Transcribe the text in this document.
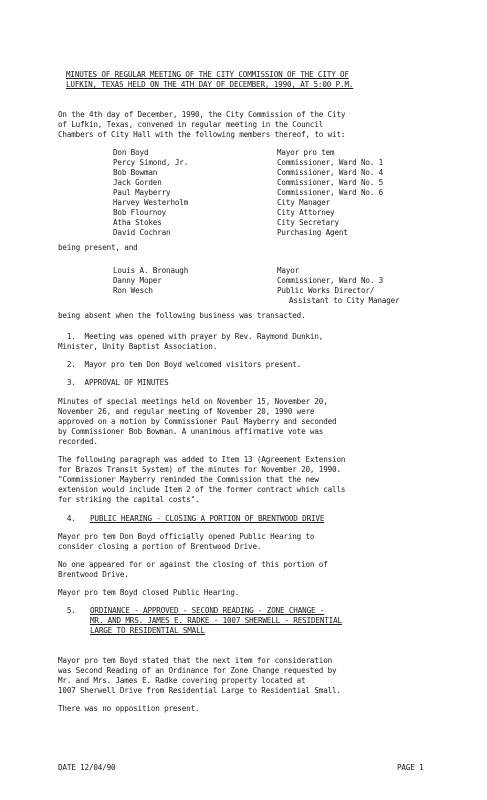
MINUTES OF REGULAR MEETING OF THE CITY COMMISSION OF THE CITY OF
LUFKIN, TEXAS HELD ON THE 4TH DAY OF DECEMBER, 1990, AT 5:00 P.M.
On the 4th day of December, 1990, the City Commission of the City
of Lufkin, Texas, convened in regular meeting in the Council
Chambers of City Hall with the following members thereof, to wit:
Don Boyd	Mayor pro tem
Percy Simond, Jr.	Commissioner, Ward No. 1
Bob Bowman	Commissioner, Ward No. 4
Jack Gorden	Commissioner, Ward No. 5
Paul Mayberry	Commissioner, Ward No. 6
Harvey Westerholm	City Manager
Bob Flournoy	City Attorney
Atha Stokes	City Secretary
David Cochran	Purchasing Agent
being present, and
Louis A. Bronaugh	Mayor
Danny Moper	Commissioner, Ward No. 3
Ron Wesch	Public Works Director/
Assistant to City Manager
being absent when the following business was transacted.
1.  Meeting was opened with prayer by Rev. Raymond Dunkin,
Minister, Unity Baptist Association.
2.  Mayor pro tem Don Boyd welcomed visitors present.
3.  APPROVAL OF MINUTES
Minutes of special meetings held on November 15, November 20,
November 26, and regular meeting of November 20, 1990 were
approved on a motion by Commissioner Paul Mayberry and seconded
by Commissioner Bob Bowman. A unanimous affirmative vote was
recorded.
The following paragraph was added to Item 13 (Agreement Extension
for Brazos Transit System) of the minutes for November 20, 1990.
"Commissioner Mayberry reminded the Commission that the new
extension would include Item 2 of the former contract which calls
for striking the capital costs".
4. PUBLIC HEARING - CLOSING A PORTION OF BRENTWOOD DRIVE
Mayor pro tem Don Boyd officially opened Public Hearing to
consider closing a portion of Brentwood Drive.
No one appeared for or against the closing of this portion of
Brentwood Drive.
Mayor pro tem Boyd closed Public Hearing.
5. ORDINANCE - APPROVED - SECOND READING - ZONE CHANGE -
MR. AND MRS. JAMES E. RADKE - 1007 SHERWELL - RESIDENTIAL
LARGE TO RESIDENTIAL SMALL
Mayor pro tem Boyd stated that the next item for consideration
was Second Reading of an Ordinance for Zone Change requested by
Mr. and Mrs. James E. Radke covering property located at
1007 Sherwell Drive from Residential Large to Residential Small.
There was no opposition present.
DATE 12/04/90	PAGE 1
